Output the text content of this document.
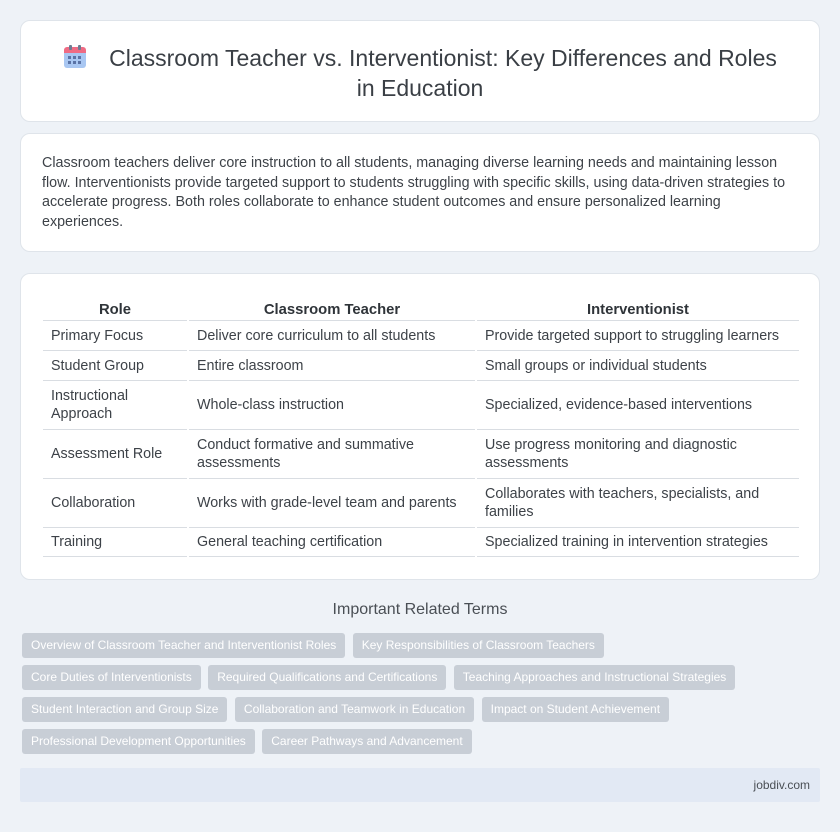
Classroom Teacher vs. Interventionist: Key Differences and Roles in Education

Classroom teachers deliver core instruction to all students, managing diverse learning needs and maintaining lesson flow. Interventionists provide targeted support to students struggling with specific skills, using data-driven strategies to accelerate progress. Both roles collaborate to enhance student outcomes and ensure personalized learning experiences.

Role	Classroom Teacher	Interventionist
Primary Focus	Deliver core curriculum to all students	Provide targeted support to struggling learners
Student Group	Entire classroom	Small groups or individual students
Instructional Approach	Whole-class instruction	Specialized, evidence-based interventions
Assessment Role	Conduct formative and summative assessments	Use progress monitoring and diagnostic assessments
Collaboration	Works with grade-level team and parents	Collaborates with teachers, specialists, and families
Training	General teaching certification	Specialized training in intervention strategies
Important Related Terms
Overview of Classroom Teacher and Interventionist Roles Key Responsibilities of Classroom Teachers Core Duties of Interventionists Required Qualifications and Certifications Teaching Approaches and Instructional Strategies Student Interaction and Group Size Collaboration and Teamwork in Education Impact on Student Achievement Professional Development Opportunities Career Pathways and Advancement
jobdiv.com
